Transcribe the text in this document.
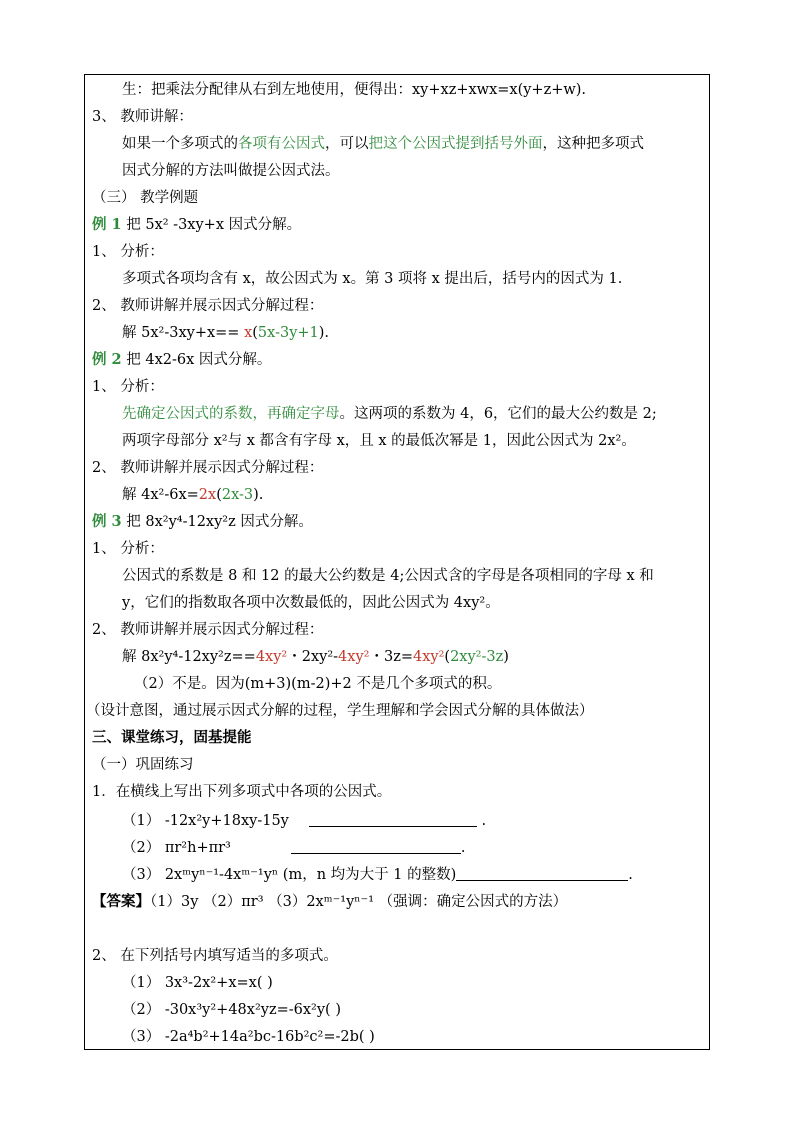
生：把乘法分配律从右到左地使用，便得出：xy+xz+xwx=x(y+z+w).
3、 教师讲解：
如果一个多项式的各项有公因式，可以把这个公因式提到括号外面，这种把多项式
因式分解的方法叫做提公因式法。
（三） 教学例题
例 1 把 5x² -3xy+x 因式分解。
1、 分析：
多项式各项均含有 x，故公因式为 x。第 3 项将 x 提出后，括号内的因式为 1.
2、 教师讲解并展示因式分解过程：
解 5x²-3xy+x== x(5x-3y+1).
例 2 把 4x2-6x 因式分解。
1、 分析：
先确定公因式的系数，再确定字母。这两项的系数为 4，6，它们的最大公约数是 2;
两项字母部分 x²与 x 都含有字母 x，且 x 的最低次幂是 1，因此公因式为 2x²。
2、 教师讲解并展示因式分解过程：
解 4x²-6x=2x(2x-3).
例 3 把 8x²y⁴-12xy²z 因式分解。
1、 分析：
公因式的系数是 8 和 12 的最大公约数是 4;公因式含的字母是各项相同的字母 x 和
y，它们的指数取各项中次数最低的，因此公因式为 4xy²。
2、 教师讲解并展示因式分解过程：
解 8x²y⁴-12xy²z==4xy²・2xy²-4xy²・3z=4xy²(2xy²-3z)
（2）不是。因为(m+3)(m-2)+2 不是几个多项式的积。
（设计意图，通过展示因式分解的过程，学生理解和学会因式分解的具体做法）
三、课堂练习，固基提能
（一）巩固练习
1．在横线上写出下列多项式中各项的公因式。
（1） -12x²y+18xy-15y	.
（2） πr²h+πr³	.
（3） 2xᵐyⁿ⁻¹-4xᵐ⁻¹yⁿ (m，n 均为大于 1 的整数)	.
【答案】（1）3y （2）πr³ （3）2xᵐ⁻¹yⁿ⁻¹ （强调：确定公因式的方法）
2、 在下列括号内填写适当的多项式。
（1） 3x³-2x²+x=x( )
（2） -30x³y²+48x²yz=-6x²y( )
（3） -2a⁴b²+14a²bc-16b²c²=-2b( )
